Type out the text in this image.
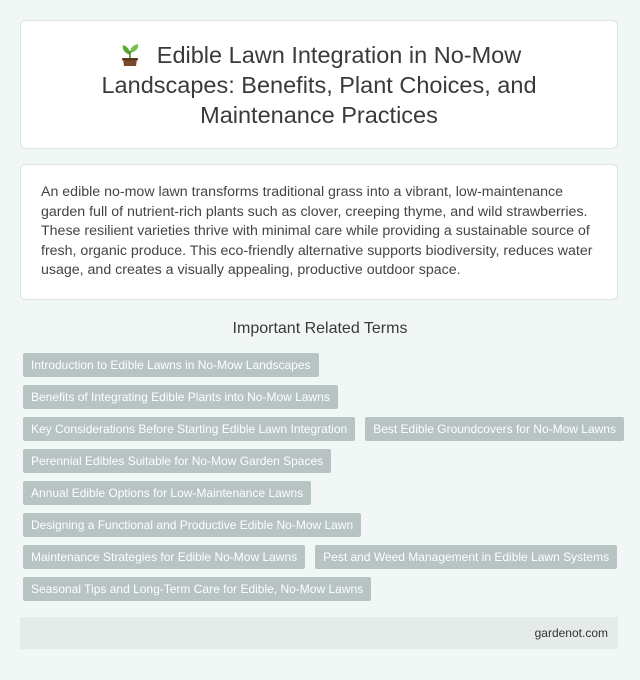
Edible Lawn Integration in No-Mow Landscapes: Benefits, Plant Choices, and Maintenance Practices

An edible no-mow lawn transforms traditional grass into a vibrant, low-maintenance garden full of nutrient-rich plants such as clover, creeping thyme, and wild strawberries. These resilient varieties thrive with minimal care while providing a sustainable source of fresh, organic produce. This eco-friendly alternative supports biodiversity, reduces water usage, and creates a visually appealing, productive outdoor space.

Important Related Terms
Introduction to Edible Lawns in No-Mow Landscapes
Benefits of Integrating Edible Plants into No-Mow Lawns
Key Considerations Before Starting Edible Lawn Integration	Best Edible Groundcovers for No-Mow Lawns
Perennial Edibles Suitable for No-Mow Garden Spaces
Annual Edible Options for Low-Maintenance Lawns
Designing a Functional and Productive Edible No-Mow Lawn
Maintenance Strategies for Edible No-Mow Lawns	Pest and Weed Management in Edible Lawn Systems
Seasonal Tips and Long-Term Care for Edible, No-Mow Lawns
gardenot.com
